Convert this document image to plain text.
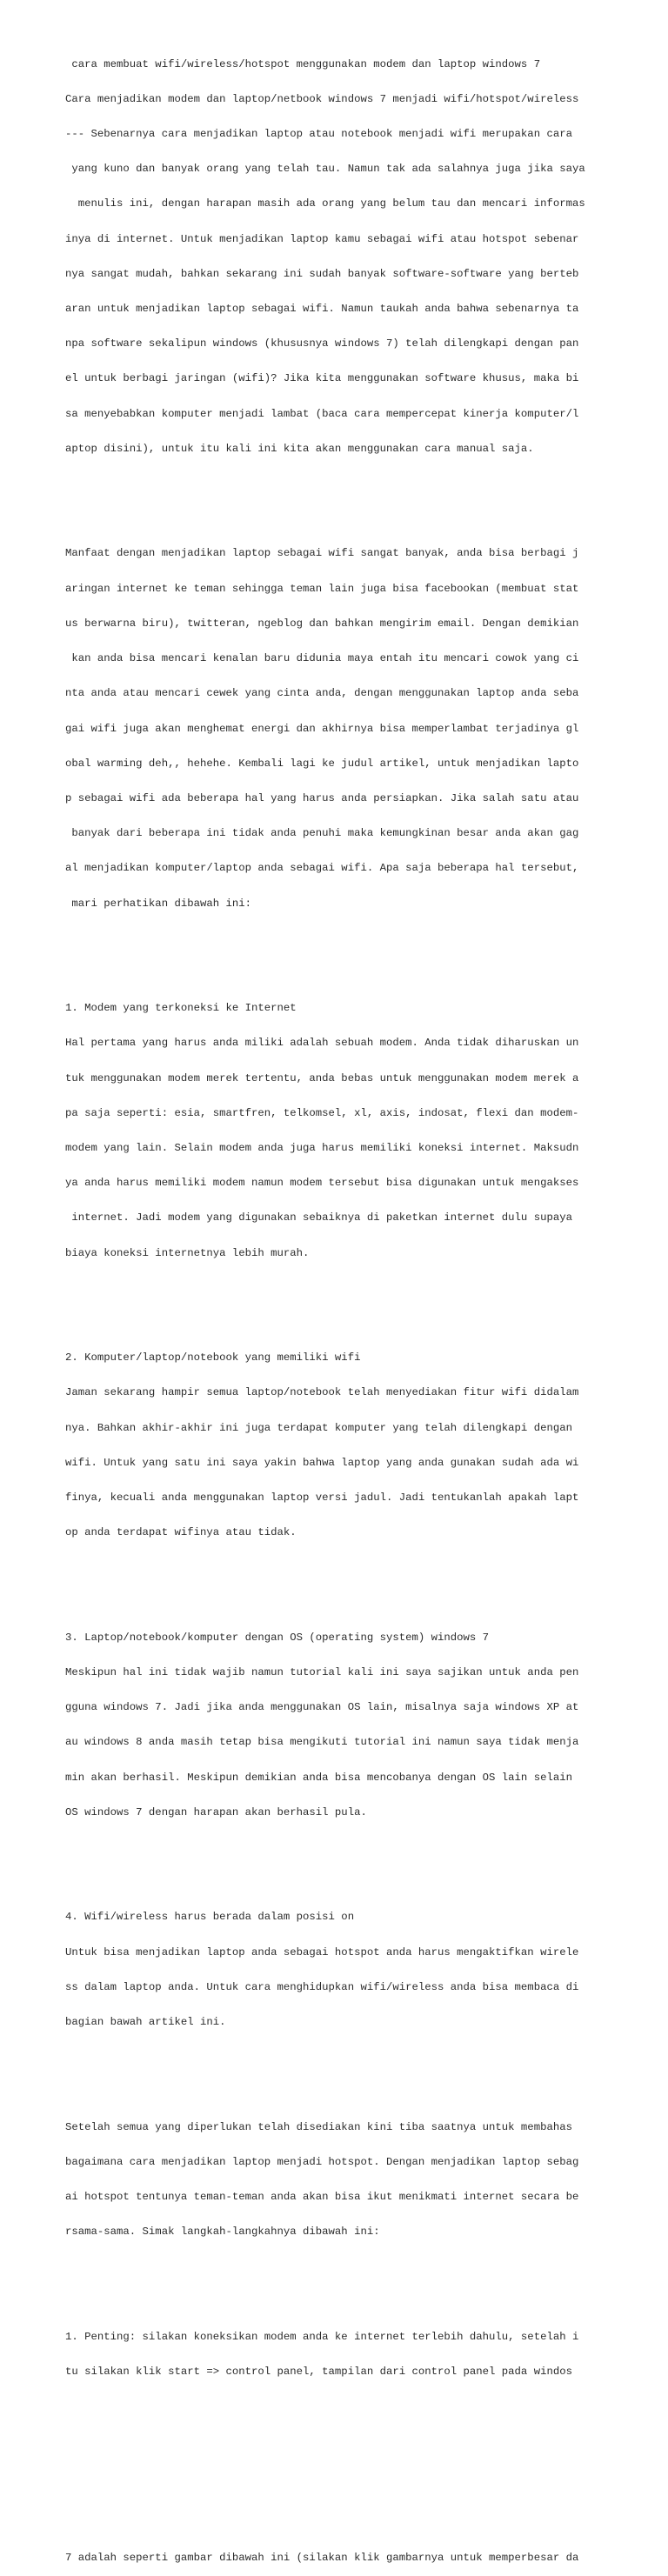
cara membuat wifi/wireless/hotspot menggunakan modem dan laptop windows 7

Cara menjadikan modem dan laptop/netbook windows 7 menjadi wifi/hotspot/wireless

--- Sebenarnya cara menjadikan laptop atau notebook menjadi wifi merupakan cara

yang kuno dan banyak orang yang telah tau. Namun tak ada salahnya juga jika saya

menulis ini, dengan harapan masih ada orang yang belum tau dan mencari informas

inya di internet. Untuk menjadikan laptop kamu sebagai wifi atau hotspot sebenar

nya sangat mudah, bahkan sekarang ini sudah banyak software-software yang berteb

aran untuk menjadikan laptop sebagai wifi. Namun taukah anda bahwa sebenarnya ta

npa software sekalipun windows (khususnya windows 7) telah dilengkapi dengan pan

el untuk berbagi jaringan (wifi)? Jika kita menggunakan software khusus, maka bi

sa menyebabkan komputer menjadi lambat (baca cara mempercepat kinerja komputer/l

aptop disini), untuk itu kali ini kita akan menggunakan cara manual saja.

Manfaat dengan menjadikan laptop sebagai wifi sangat banyak, anda bisa berbagi j

aringan internet ke teman sehingga teman lain juga bisa facebookan (membuat stat

us berwarna biru), twitteran, ngeblog dan bahkan mengirim email. Dengan demikian

kan anda bisa mencari kenalan baru didunia maya entah itu mencari cowok yang ci

nta anda atau mencari cewek yang cinta anda, dengan menggunakan laptop anda seba

gai wifi juga akan menghemat energi dan akhirnya bisa memperlambat terjadinya gl

obal warming deh,, hehehe. Kembali lagi ke judul artikel, untuk menjadikan lapto

p sebagai wifi ada beberapa hal yang harus anda persiapkan. Jika salah satu atau

banyak dari beberapa ini tidak anda penuhi maka kemungkinan besar anda akan gag

al menjadikan komputer/laptop anda sebagai wifi. Apa saja beberapa hal tersebut,

mari perhatikan dibawah ini:

1. Modem yang terkoneksi ke Internet

Hal pertama yang harus anda miliki adalah sebuah modem. Anda tidak diharuskan un

tuk menggunakan modem merek tertentu, anda bebas untuk menggunakan modem merek a

pa saja seperti: esia, smartfren, telkomsel, xl, axis, indosat, flexi dan modem-

modem yang lain. Selain modem anda juga harus memiliki koneksi internet. Maksudn

ya anda harus memiliki modem namun modem tersebut bisa digunakan untuk mengakses

internet. Jadi modem yang digunakan sebaiknya di paketkan internet dulu supaya

biaya koneksi internetnya lebih murah.

2. Komputer/laptop/notebook yang memiliki wifi

Jaman sekarang hampir semua laptop/notebook telah menyediakan fitur wifi didalam

nya. Bahkan akhir-akhir ini juga terdapat komputer yang telah dilengkapi dengan

wifi. Untuk yang satu ini saya yakin bahwa laptop yang anda gunakan sudah ada wi

finya, kecuali anda menggunakan laptop versi jadul. Jadi tentukanlah apakah lapt

op anda terdapat wifinya atau tidak.

3. Laptop/notebook/komputer dengan OS (operating system) windows 7

Meskipun hal ini tidak wajib namun tutorial kali ini saya sajikan untuk anda pen

gguna windows 7. Jadi jika anda menggunakan OS lain, misalnya saja windows XP at

au windows 8 anda masih tetap bisa mengikuti tutorial ini namun saya tidak menja

min akan berhasil. Meskipun demikian anda bisa mencobanya dengan OS lain selain

OS windows 7 dengan harapan akan berhasil pula.

4. Wifi/wireless harus berada dalam posisi on

Untuk bisa menjadikan laptop anda sebagai hotspot anda harus mengaktifkan wirele

ss dalam laptop anda. Untuk cara menghidupkan wifi/wireless anda bisa membaca di

bagian bawah artikel ini.

Setelah semua yang diperlukan telah disediakan kini tiba saatnya untuk membahas

bagaimana cara menjadikan laptop menjadi hotspot. Dengan menjadikan laptop sebag

ai hotspot tentunya teman-teman anda akan bisa ikut menikmati internet secara be

rsama-sama. Simak langkah-langkahnya dibawah ini:

1. Penting: silakan koneksikan modem anda ke internet terlebih dahulu, setelah i

tu silakan klik start => control panel, tampilan dari control panel pada windos

7 adalah seperti gambar dibawah ini (silakan klik gambarnya untuk memperbesar da
